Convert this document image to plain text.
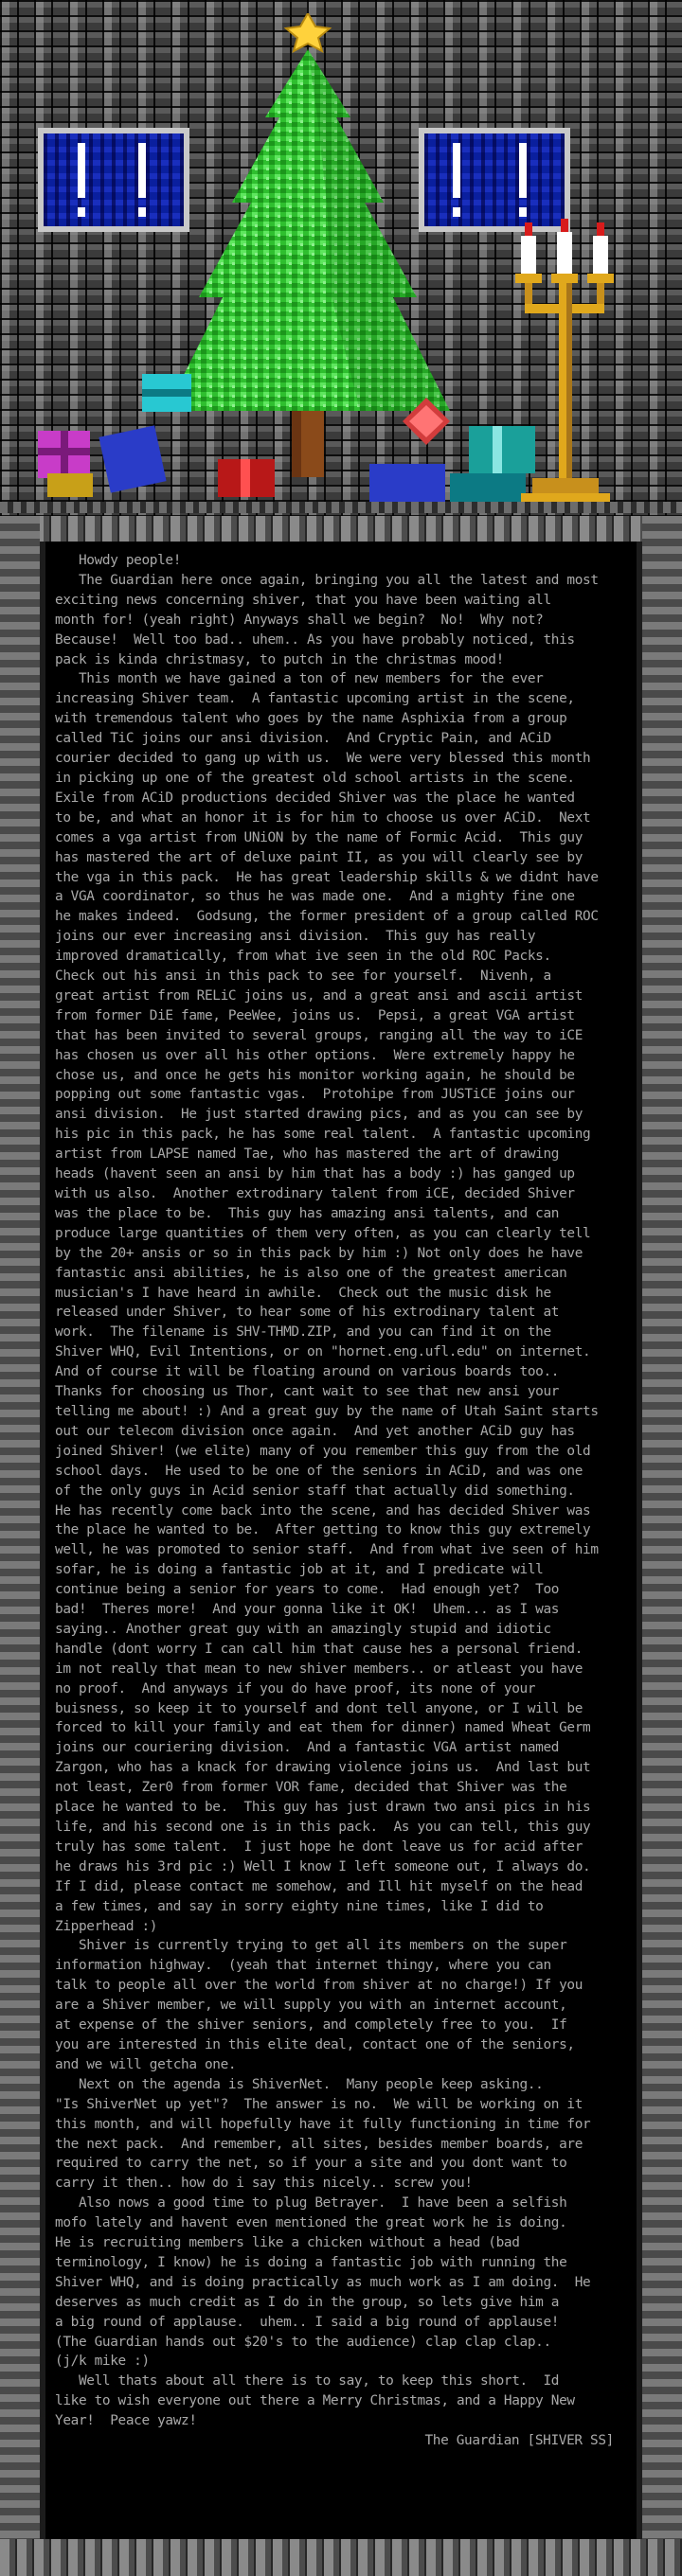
Howdy people!
The Guardian here once again, bringing you all the latest and most
exciting news concerning shiver, that you have been waiting all
month for! (yeah right) Anyways shall we begin?  No!  Why not?
Because!  Well too bad.. uhem.. As you have probably noticed, this
pack is kinda christmasy, to putch in the christmas mood!
This month we have gained a ton of new members for the ever
increasing Shiver team.  A fantastic upcoming artist in the scene,
with tremendous talent who goes by the name Asphixia from a group
called TiC joins our ansi division.  And Cryptic Pain, and ACiD
courier decided to gang up with us.  We were very blessed this month
in picking up one of the greatest old school artists in the scene.
Exile from ACiD productions decided Shiver was the place he wanted
to be, and what an honor it is for him to choose us over ACiD.  Next
comes a vga artist from UNiON by the name of Formic Acid.  This guy
has mastered the art of deluxe paint II, as you will clearly see by
the vga in this pack.  He has great leadership skills & we didnt have
a VGA coordinator, so thus he was made one.  And a mighty fine one
he makes indeed.  Godsung, the former president of a group called ROC
joins our ever increasing ansi division.  This guy has really
improved dramatically, from what ive seen in the old ROC Packs.
Check out his ansi in this pack to see for yourself.  Nivenh, a
great artist from RELiC joins us, and a great ansi and ascii artist
from former DiE fame, PeeWee, joins us.  Pepsi, a great VGA artist
that has been invited to several groups, ranging all the way to iCE
has chosen us over all his other options.  Were extremely happy he
chose us, and once he gets his monitor working again, he should be
popping out some fantastic vgas.  Protohipe from JUSTiCE joins our
ansi division.  He just started drawing pics, and as you can see by
his pic in this pack, he has some real talent.  A fantastic upcoming
artist from LAPSE named Tae, who has mastered the art of drawing
heads (havent seen an ansi by him that has a body :) has ganged up
with us also.  Another extrodinary talent from iCE, decided Shiver
was the place to be.  This guy has amazing ansi talents, and can
produce large quantities of them very often, as you can clearly tell
by the 20+ ansis or so in this pack by him :) Not only does he have
fantastic ansi abilities, he is also one of the greatest american
musician's I have heard in awhile.  Check out the music disk he
released under Shiver, to hear some of his extrodinary talent at
work.  The filename is SHV-THMD.ZIP, and you can find it on the
Shiver WHQ, Evil Intentions, or on "hornet.eng.ufl.edu" on internet.
And of course it will be floating around on various boards too..
Thanks for choosing us Thor, cant wait to see that new ansi your
telling me about! :) And a great guy by the name of Utah Saint starts
out our telecom division once again.  And yet another ACiD guy has
joined Shiver! (we elite) many of you remember this guy from the old
school days.  He used to be one of the seniors in ACiD, and was one
of the only guys in Acid senior staff that actually did something.
He has recently come back into the scene, and has decided Shiver was
the place he wanted to be.  After getting to know this guy extremely
well, he was promoted to senior staff.  And from what ive seen of him
sofar, he is doing a fantastic job at it, and I predicate will
continue being a senior for years to come.  Had enough yet?  Too
bad!  Theres more!  And your gonna like it OK!  Uhem... as I was
saying.. Another great guy with an amazingly stupid and idiotic
handle (dont worry I can call him that cause hes a personal friend.
im not really that mean to new shiver members.. or atleast you have
no proof.  And anyways if you do have proof, its none of your
buisness, so keep it to yourself and dont tell anyone, or I will be
forced to kill your family and eat them for dinner) named Wheat Germ
joins our couriering division.  And a fantastic VGA artist named
Zargon, who has a knack for drawing violence joins us.  And last but
not least, Zer0 from former VOR fame, decided that Shiver was the
place he wanted to be.  This guy has just drawn two ansi pics in his
life, and his second one is in this pack.  As you can tell, this guy
truly has some talent.  I just hope he dont leave us for acid after
he draws his 3rd pic :) Well I know I left someone out, I always do.
If I did, please contact me somehow, and Ill hit myself on the head
a few times, and say in sorry eighty nine times, like I did to
Zipperhead :)
Shiver is currently trying to get all its members on the super
information highway.  (yeah that internet thingy, where you can
talk to people all over the world from shiver at no charge!) If you
are a Shiver member, we will supply you with an internet account,
at expense of the shiver seniors, and completely free to you.  If
you are interested in this elite deal, contact one of the seniors,
and we will getcha one.
Next on the agenda is ShiverNet.  Many people keep asking..
"Is ShiverNet up yet"?  The answer is no.  We will be working on it
this month, and will hopefully have it fully functioning in time for
the next pack.  And remember, all sites, besides member boards, are
required to carry the net, so if your a site and you dont want to
carry it then.. how do i say this nicely.. screw you!
Also nows a good time to plug Betrayer.  I have been a selfish
mofo lately and havent even mentioned the great work he is doing.
He is recruiting members like a chicken without a head (bad
terminology, I know) he is doing a fantastic job with running the
Shiver WHQ, and is doing practically as much work as I am doing.  He
deserves as much credit as I do in the group, so lets give him a
a big round of applause.  uhem.. I said a big round of applause!
(The Guardian hands out $20's to the audience) clap clap clap..
(j/k mike :)
Well thats about all there is to say, to keep this short.  Id
like to wish everyone out there a Merry Christmas, and a Happy New
Year!  Peace yawz!
The Guardian [SHIVER SS]
